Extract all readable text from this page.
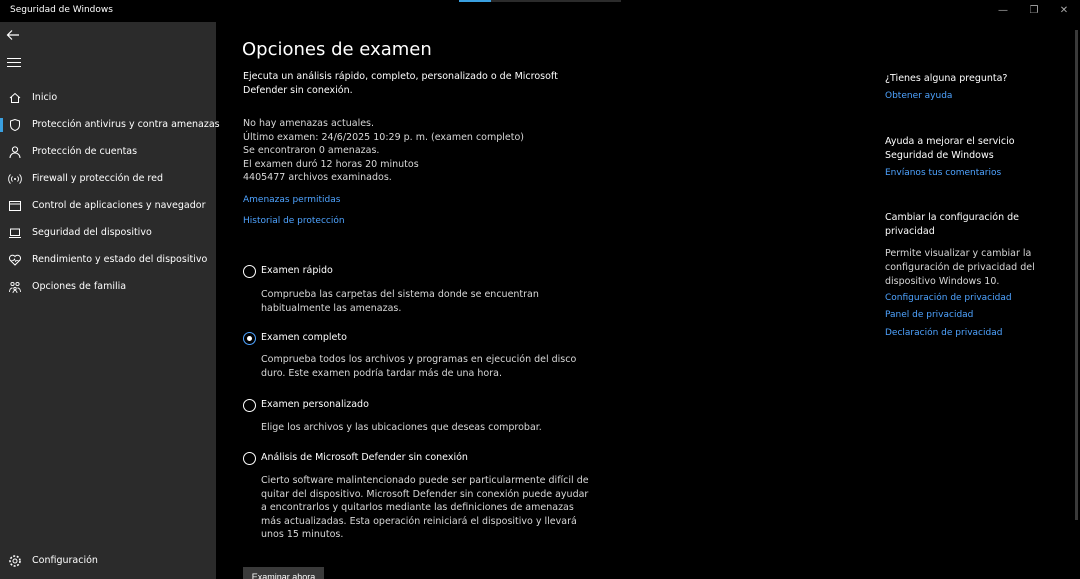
Seguridad de Windows	—	❐	✕
Inicio
Protección antivirus y contra amenazas
Protección de cuentas
Firewall y protección de red
Control de aplicaciones y navegador
Seguridad del dispositivo
Rendimiento y estado del dispositivo
Opciones de familia
Configuración
Opciones de examen

Ejecuta un análisis rápido, completo, personalizado o de Microsoft Defender sin conexión.

No hay amenazas actuales.
Último examen: 24/6/2025 10:29 p. m. (examen completo)
Se encontraron 0 amenazas.
El examen duró 12 horas 20 minutos
4405477 archivos examinados.
Amenazas permitidas
Historial de protección
Examen rápido

Comprueba las carpetas del sistema donde se encuentran habitualmente las amenazas.

Examen completo

Comprueba todos los archivos y programas en ejecución del disco duro. Este examen podría tardar más de una hora.

Examen personalizado

Elige los archivos y las ubicaciones que deseas comprobar.

Análisis de Microsoft Defender sin conexión

Cierto software malintencionado puede ser particularmente difícil de quitar del dispositivo. Microsoft Defender sin conexión puede ayudar a encontrarlos y quitarlos mediante las definiciones de amenazas más actualizadas. Esta operación reiniciará el dispositivo y llevará unos 15 minutos.

Examinar ahora
¿Tienes alguna pregunta?
Obtener ayuda
Ayuda a mejorar el servicio Seguridad de Windows
Envíanos tus comentarios
Cambiar la configuración de privacidad
Permite visualizar y cambiar la configuración de privacidad del dispositivo Windows 10.
Configuración de privacidad
Panel de privacidad
Declaración de privacidad
